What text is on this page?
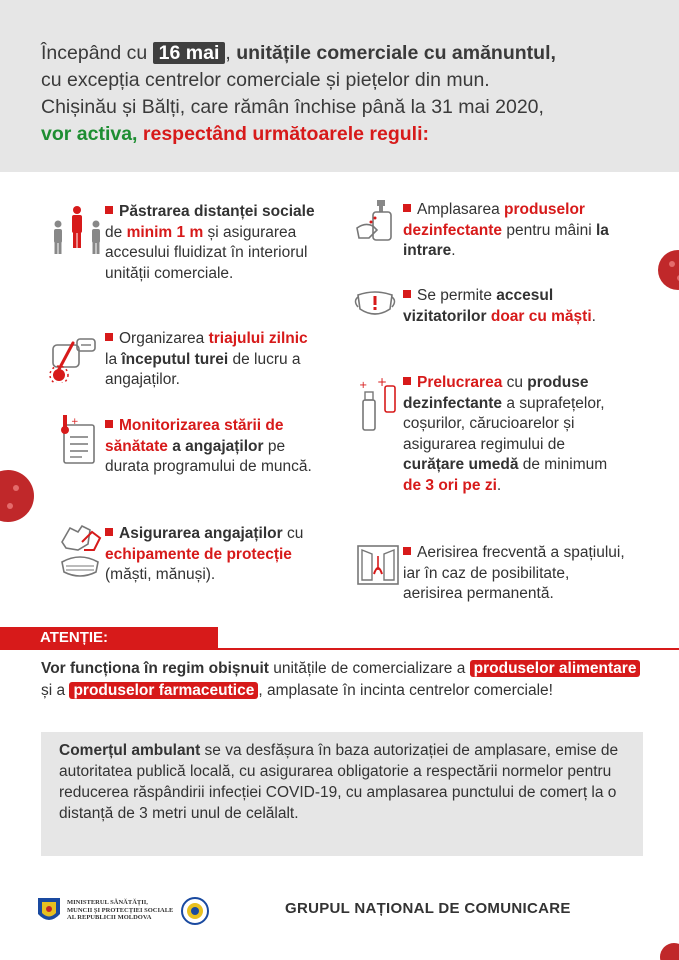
Începând cu 16 mai , unitățile comerciale cu amănuntul,

cu excepția centrelor comerciale și piețelor din mun.

Chișinău și Bălți, care rămân închise până la 31 mai 2020,

vor activa, respectând următoarele reguli:

Păstrarea distanței sociale de minim 1 m și asigurarea accesului fluidizat în interiorul unității comerciale.
Organizarea triajului zilnic la începutul turei de lucru a angajaților.
Monitorizarea stării de sănătate a angajaților pe durata programului de muncă.
Asigurarea angajaților cu echipamente de protecție (măști, mănuși).
Amplasarea produselor dezinfectante pentru mâini la intrare.
Se permite accesul vizitatorilor doar cu măști.
Prelucrarea cu produse dezinfectante a suprafețelor, coșurilor, cărucioarelor și asigurarea regimului de curățare umedă de minimum de 3 ori pe zi.
Aerisirea frecventă a spațiului, iar în caz de posibilitate, aerisirea permanentă.
+
+ +
ATENȚIE:
Vor funcționa în regim obișnuit unitățile de comercializare a produselor alimentare și a produselor farmaceutice , amplasate în incinta centrelor comerciale!
Comerțul ambulant se va desfășura în baza autorizației de amplasare, emise de autoritatea publică locală, cu asigurarea obligatorie a respectării normelor pentru reducerea răspândirii infecției COVID-19, cu amplasarea punctului de comerț la o distanță de 3 metri unul de celălalt.
MINISTERUL SĂNĂTĂȚII,
MUNCII ȘI PROTECȚIEI SOCIALE
AL REPUBLICII MOLDOVA
GRUPUL NAȚIONAL DE COMUNICARE
